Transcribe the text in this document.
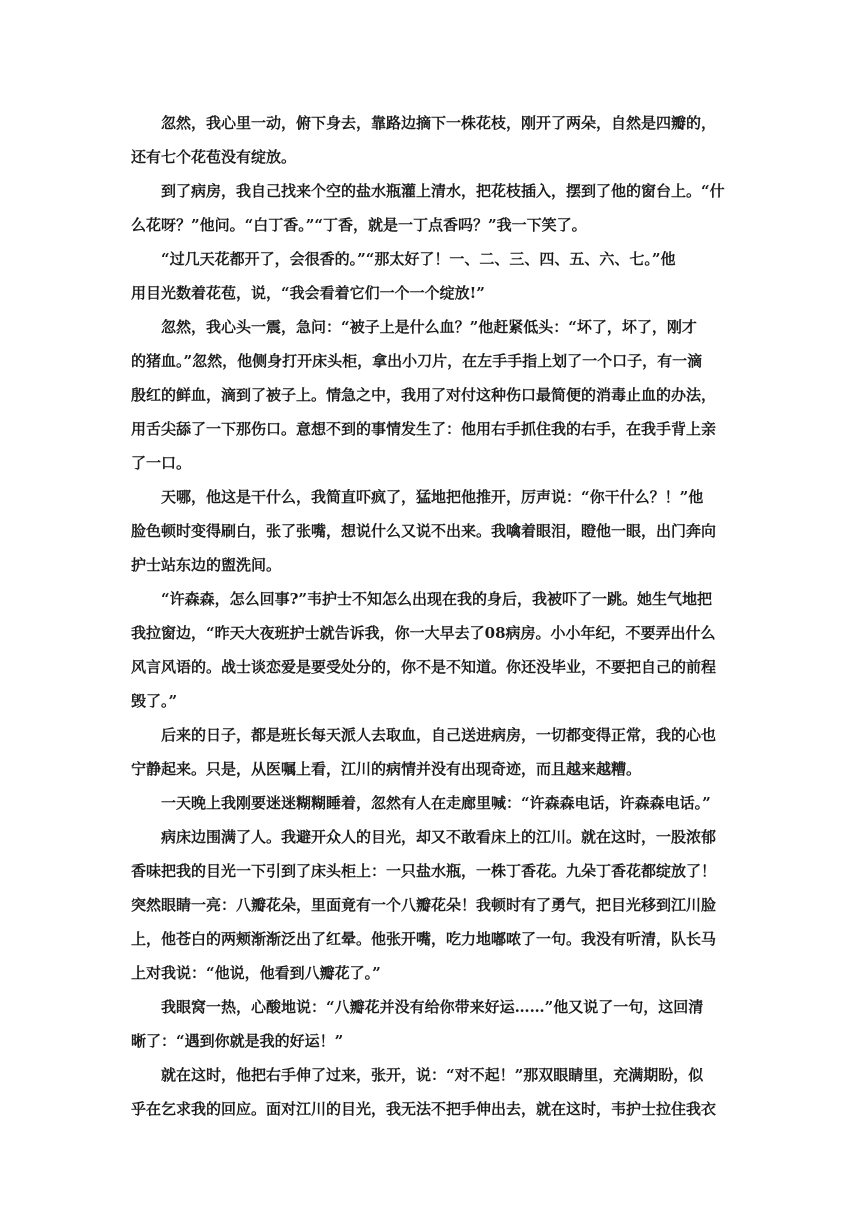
忽然，我心里一动，俯下身去，靠路边摘下一株花枝，刚开了两朵，自然是四瓣的，
还有七个花苞没有绽放。

到了病房，我自己找来个空的盐水瓶灌上清水，把花枝插入，摆到了他的窗台上。“什
么花呀？”他问。“白丁香。”“丁香，就是一丁点香吗？”我一下笑了。

“过几天花都开了，会很香的。”“那太好了！一、二、三、四、五、六、七。”他
用目光数着花苞，说，“我会看着它们一个一个绽放!”

忽然，我心头一震，急问：“被子上是什么血？”他赶紧低头：“坏了，坏了，刚才
的猪血。”忽然，他侧身打开床头柜，拿出小刀片，在左手手指上划了一个口子，有一滴
殷红的鲜血，滴到了被子上。情急之中，我用了对付这种伤口最简便的消毒止血的办法，
用舌尖舔了一下那伤口。意想不到的事情发生了：他用右手抓住我的右手，在我手背上亲
了一口。

天哪，他这是干什么，我简直吓疯了，猛地把他推开，厉声说：“你干什么？！”他
脸色顿时变得刷白，张了张嘴，想说什么又说不出来。我噙着眼泪，瞪他一眼，出门奔向
护士站东边的盥洗间。

“许森森，怎么回事?”韦护士不知怎么出现在我的身后，我被吓了一跳。她生气地把
我拉窗边，“昨天大夜班护士就告诉我，你一大早去了08病房。小小年纪，不要弄出什么
风言风语的。战士谈恋爱是要受处分的，你不是不知道。你还没毕业，不要把自己的前程
毁了。”

后来的日子，都是班长每天派人去取血，自己送进病房，一切都变得正常，我的心也
宁静起来。只是，从医嘱上看，江川的病情并没有出现奇迹，而且越来越糟。

一天晚上我刚要迷迷糊糊睡着，忽然有人在走廊里喊：“许森森电话，许森森电话。”

病床边围满了人。我避开众人的目光，却又不敢看床上的江川。就在这时，一股浓郁
香味把我的目光一下引到了床头柜上：一只盐水瓶，一株丁香花。九朵丁香花都绽放了！
突然眼睛一亮：八瓣花朵，里面竟有一个八瓣花朵！我顿时有了勇气，把目光移到江川脸
上，他苍白的两颊渐渐泛出了红晕。他张开嘴，吃力地嘟哝了一句。我没有听清，队长马
上对我说：“他说，他看到八瓣花了。”

我眼窝一热，心酸地说：“八瓣花并没有给你带来好运……”他又说了一句，这回清
晰了：“遇到你就是我的好运！”

就在这时，他把右手伸了过来，张开，说：“对不起！”那双眼睛里，充满期盼，似
乎在乞求我的回应。面对江川的目光，我无法不把手伸出去，就在这时，韦护士拉住我衣
